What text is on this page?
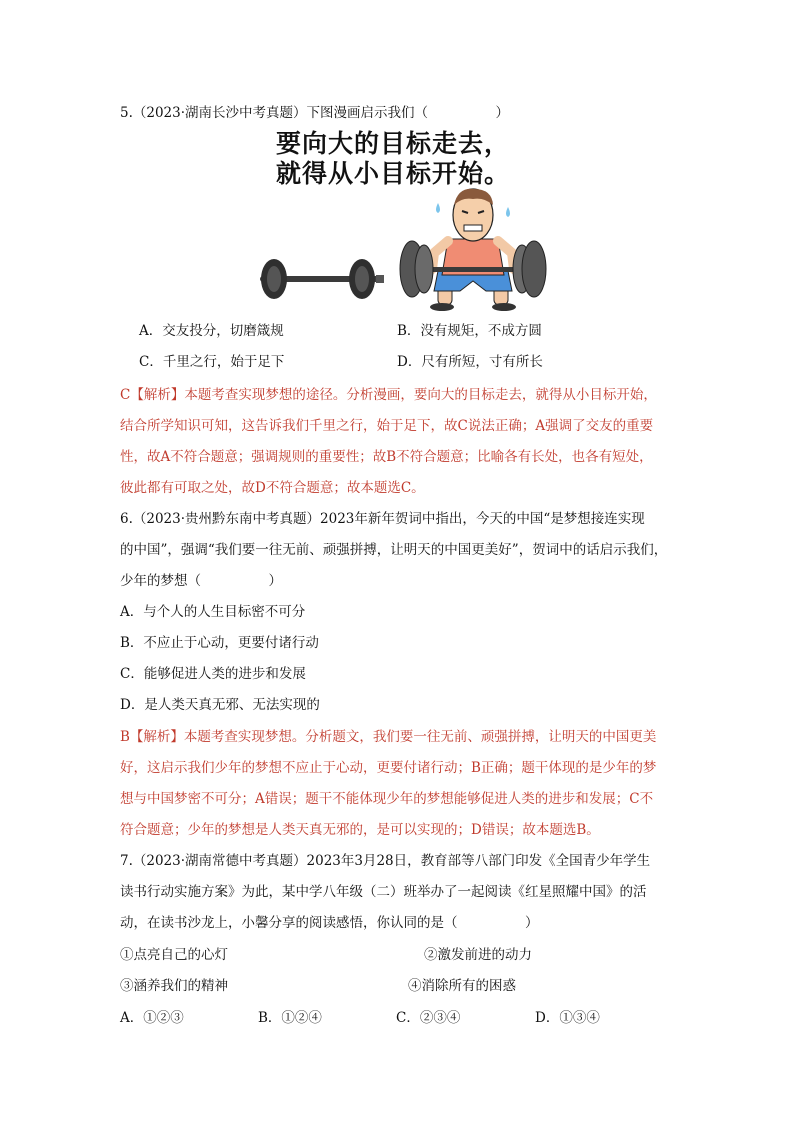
5.（2023·湖南长沙中考真题）下图漫画启示我们（　　　　　）
要向大的目标走去，
就得从小目标开始。
A．交友投分，切磨箴规	B．没有规矩，不成方圆
C．千里之行，始于足下	D．尺有所短，寸有所长
C【解析】本题考查实现梦想的途径。分析漫画，要向大的目标走去，就得从小目标开始，
结合所学知识可知，这告诉我们千里之行，始于足下，故C说法正确；A强调了交友的重要
性，故A不符合题意；强调规则的重要性；故B不符合题意；比喻各有长处，也各有短处，
彼此都有可取之处，故D不符合题意；故本题选C。
6.（2023·贵州黔东南中考真题）2023年新年贺词中指出，今天的中国“是梦想接连实现
的中国”，强调“我们要一往无前、顽强拼搏，让明天的中国更美好”，贺词中的话启示我们，
少年的梦想（　　　　　）
A．与个人的人生目标密不可分
B．不应止于心动，更要付诸行动
C．能够促进人类的进步和发展
D．是人类天真无邪、无法实现的
B【解析】本题考查实现梦想。分析题文，我们要一往无前、顽强拼搏，让明天的中国更美
好，这启示我们少年的梦想不应止于心动，更要付诸行动；B正确；题干体现的是少年的梦
想与中国梦密不可分；A错误；题干不能体现少年的梦想能够促进人类的进步和发展；C不
符合题意；少年的梦想是人类天真无邪的，是可以实现的；D错误；故本题选B。
7.（2023·湖南常德中考真题）2023年3月28日，教育部等八部门印发《全国青少年学生
读书行动实施方案》为此，某中学八年级（二）班举办了一起阅读《红星照耀中国》的活
动，在读书沙龙上，小馨分享的阅读感悟，你认同的是（　　　　　）
①点亮自己的心灯	②激发前进的动力
③涵养我们的精神	④消除所有的困惑
A．①②③	B．①②④	C．②③④	D．①③④
